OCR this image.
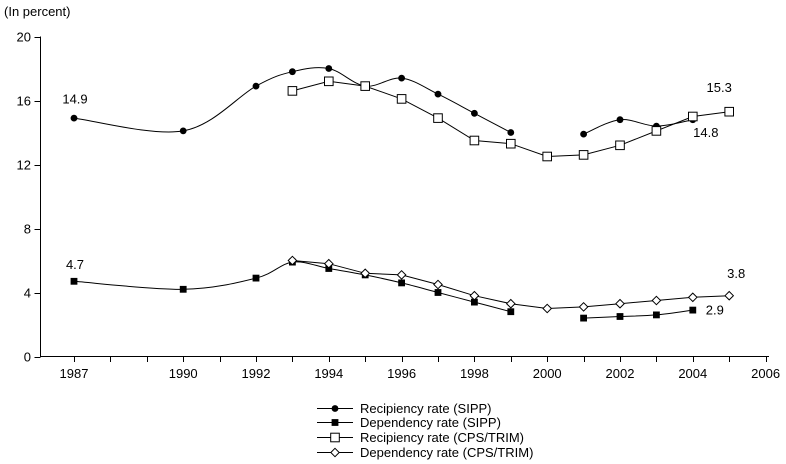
(In percent)
0
4
8
12
16
20
1987	1990	1992	1994	1996	1998	2000	2002	2004	2006
14.9
4.7
15.3
14.8
3.8
2.9
Recipiency rate (SIPP)
Dependency rate (SIPP)
Recipiency rate (CPS/TRIM)
Dependency rate (CPS/TRIM)
